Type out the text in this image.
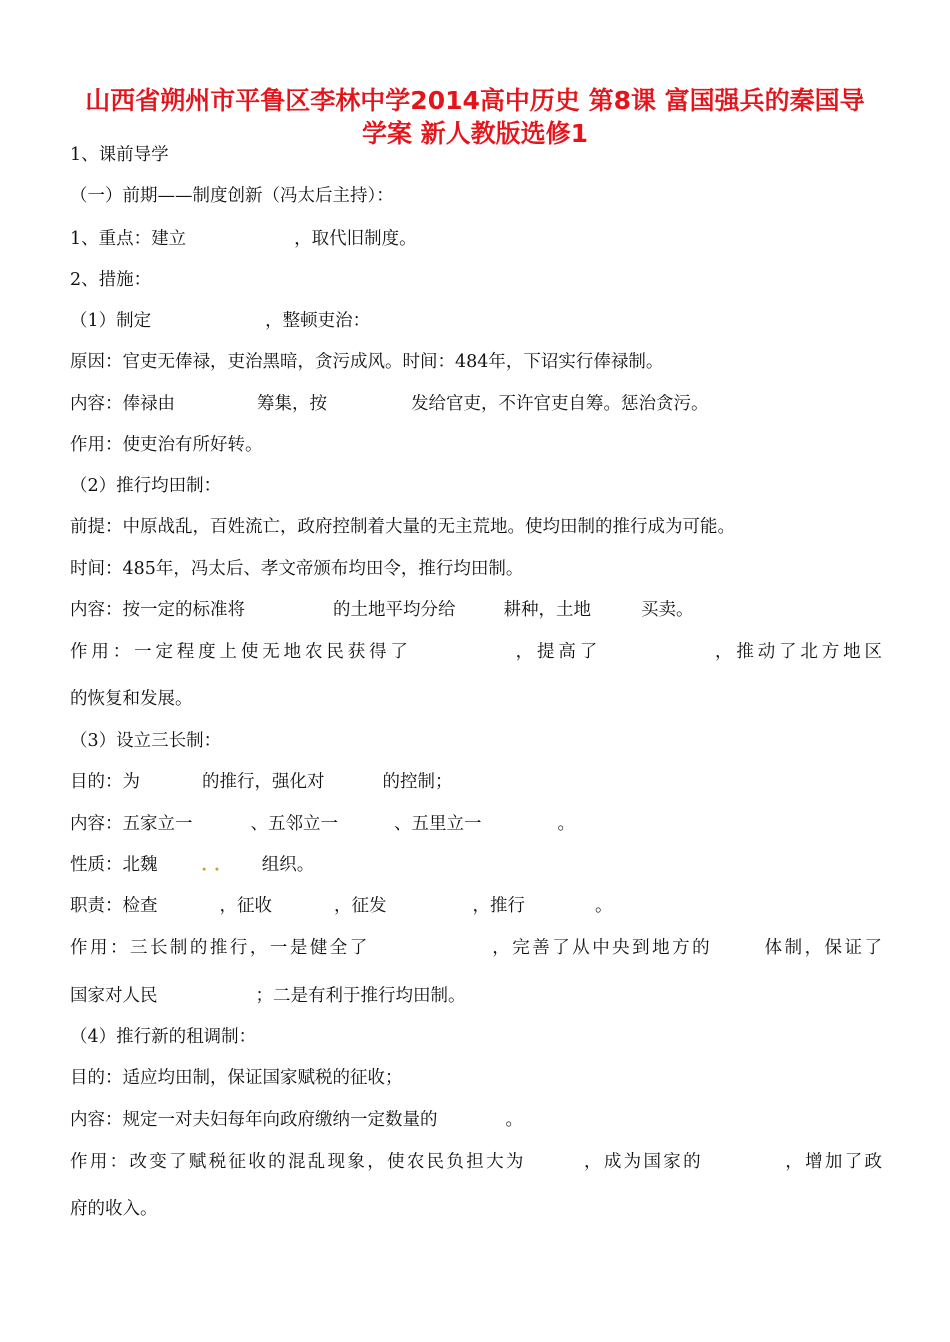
山西省朔州市平鲁区李林中学2014高中历史 第8课 富国强兵的秦国导
学案 新人教版选修1
1、课前导学
（一）前期——制度创新（冯太后主持）：
1、重点：建立	，取代旧制度。
2、措施：
（1）制定	，整顿吏治：
原因：官吏无俸禄，吏治黑暗，贪污成风。时间：484年，下诏实行俸禄制。
内容：俸禄由	筹集，按	发给官吏，不许官吏自筹。惩治贪污。
作用：使吏治有所好转。
（2）推行均田制：
前提：中原战乱，百姓流亡，政府控制着大量的无主荒地。使均田制的推行成为可能。
时间：485年，冯太后、孝文帝颁布均田令，推行均田制。
内容：按一定的标准将	的土地平均分给	耕种，土地	买卖。
作用：一定程度上使无地农民获得了	，提高了	，推动了北方地区
的恢复和发展。
（3）设立三长制：
目的：为	的推行，强化对	的控制；
内容：五家立一	、五邻立一	、五里立一	。
性质：北魏	．． 组织。
职责：检查	，征收	，征发	，推行	。
作用：三长制的推行，一是健全了	，完善了从中央到地方的	体制，保证了
国家对人民	；二是有利于推行均田制。
（4）推行新的租调制：
目的：适应均田制，保证国家赋税的征收；
内容：规定一对夫妇每年向政府缴纳一定数量的	。
作用：改变了赋税征收的混乱现象，使农民负担大为	，成为国家的	，增加了政
府的收入。
